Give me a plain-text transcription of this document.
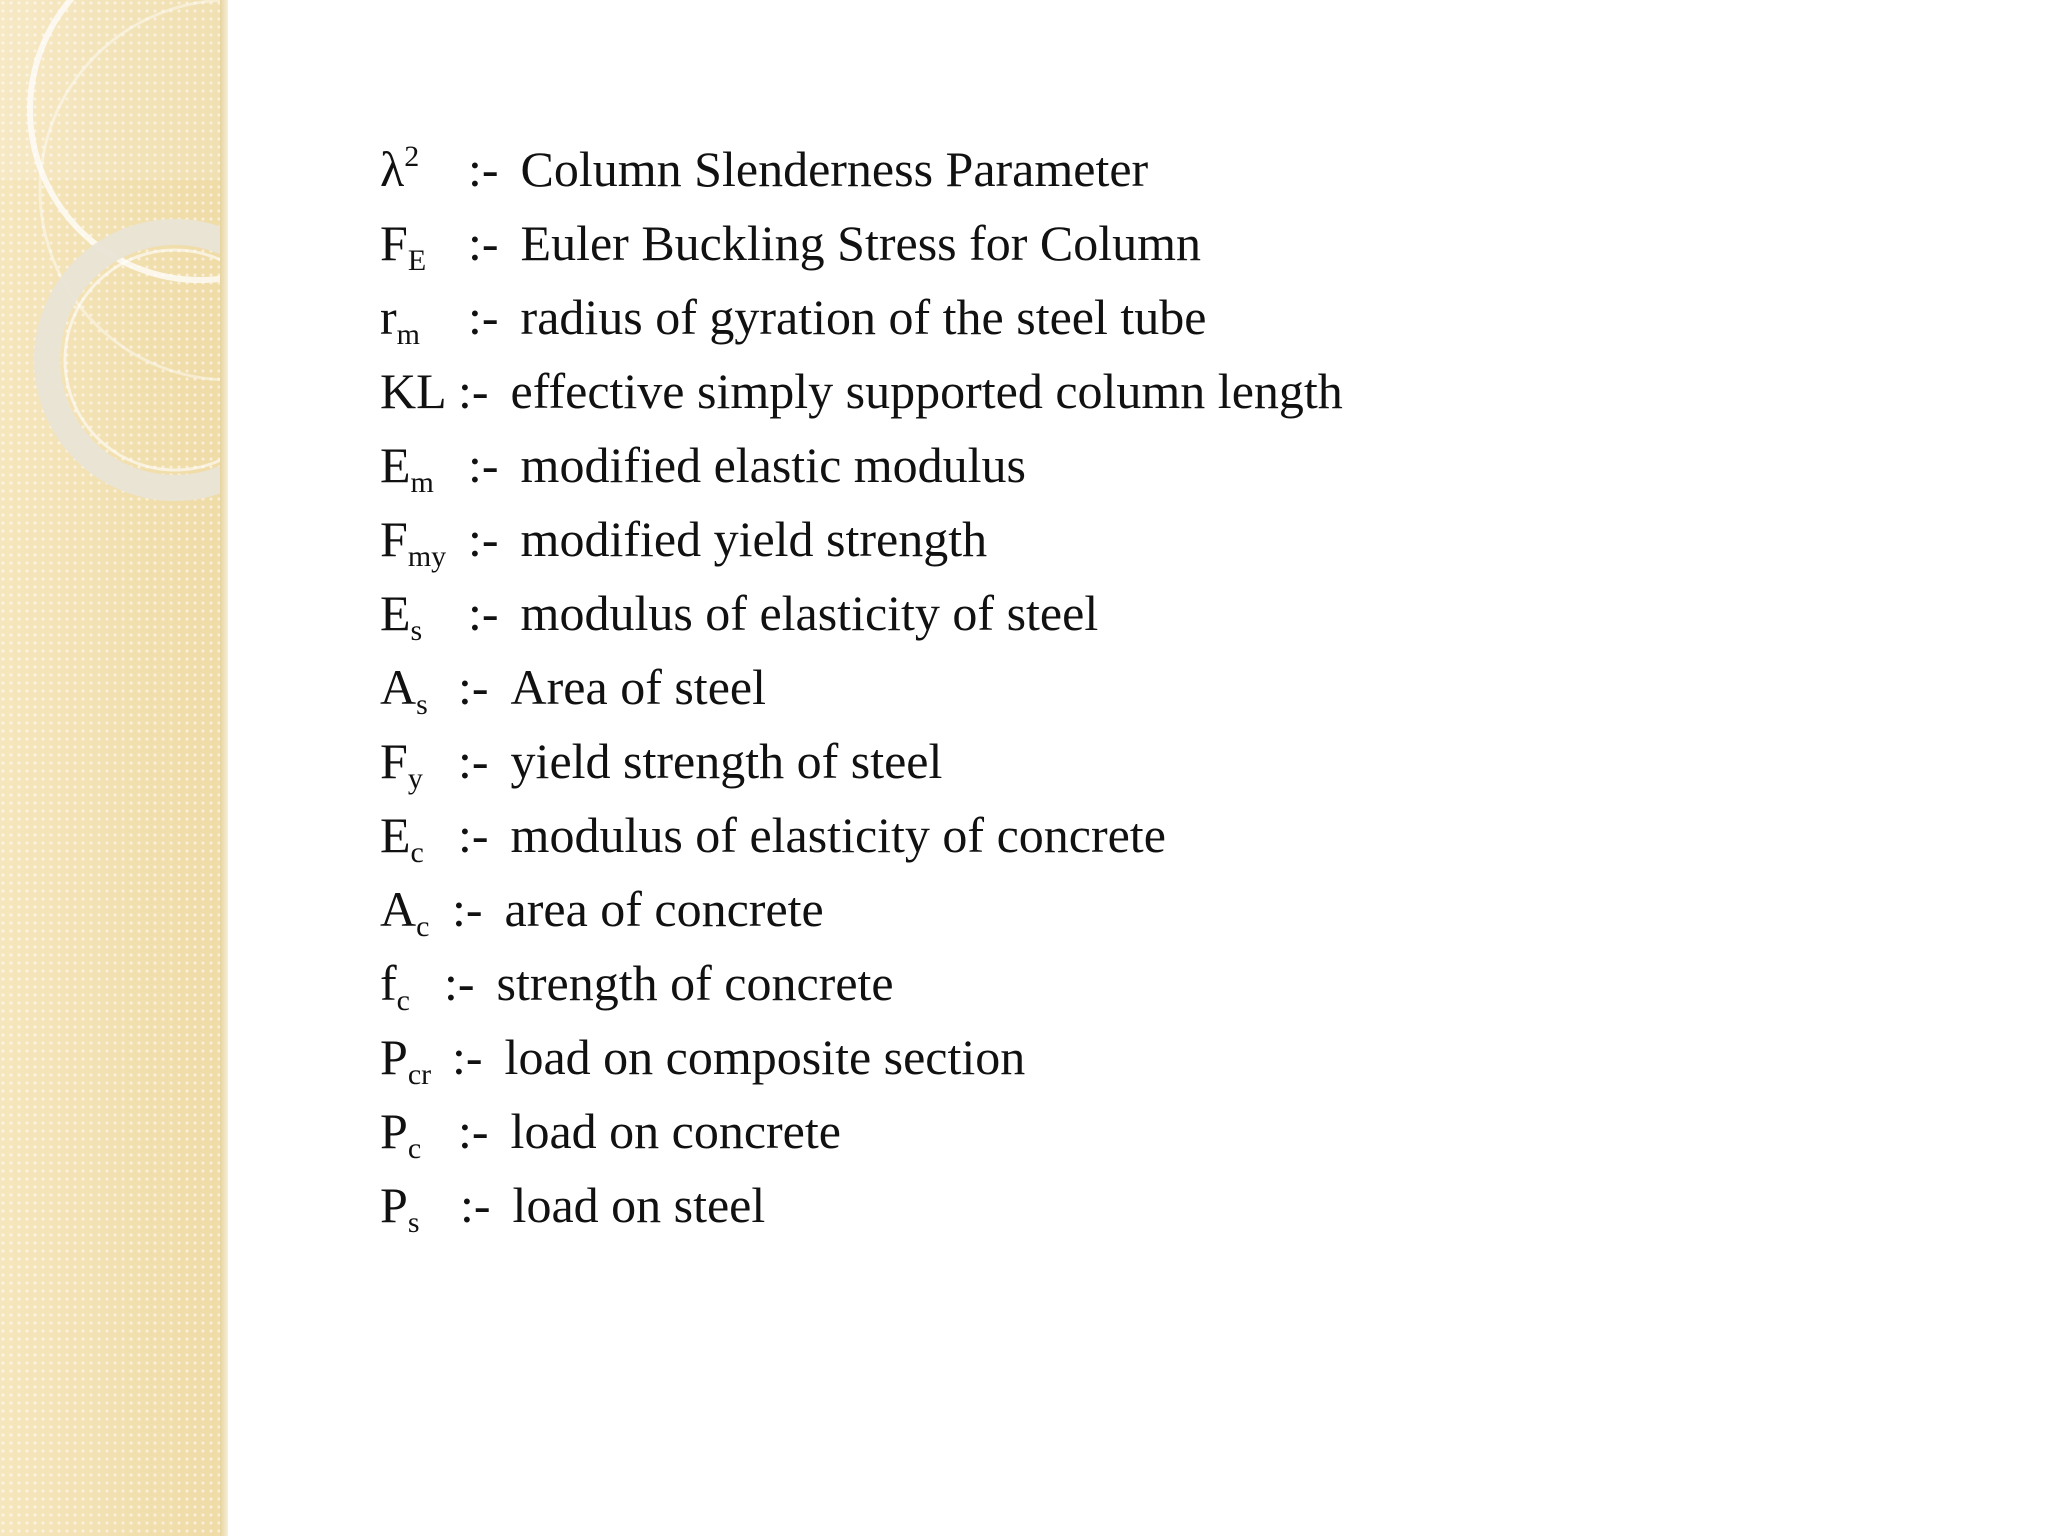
$\lambda^2$ :- Column Slenderness Parameter
$F_E$ :- Euler Buckling Stress for Column
$r_m$ :- radius of gyration of the steel tube
KL :- effective simply supported column length
$E_m$ :- modified elastic modulus
$F_{my}$ :- modified yield strength
$E_s$ :- modulus of elasticity of steel
$A_s$ :- Area of steel
$F_y$ :- yield strength of steel
$E_c$ :- modulus of elasticity of concrete
$A_c$ :- area of concrete
$f_c$ :- strength of concrete
$P_{cr}$ :- load on composite section
$P_c$ :- load on concrete
$P_s$ :- load on steel
